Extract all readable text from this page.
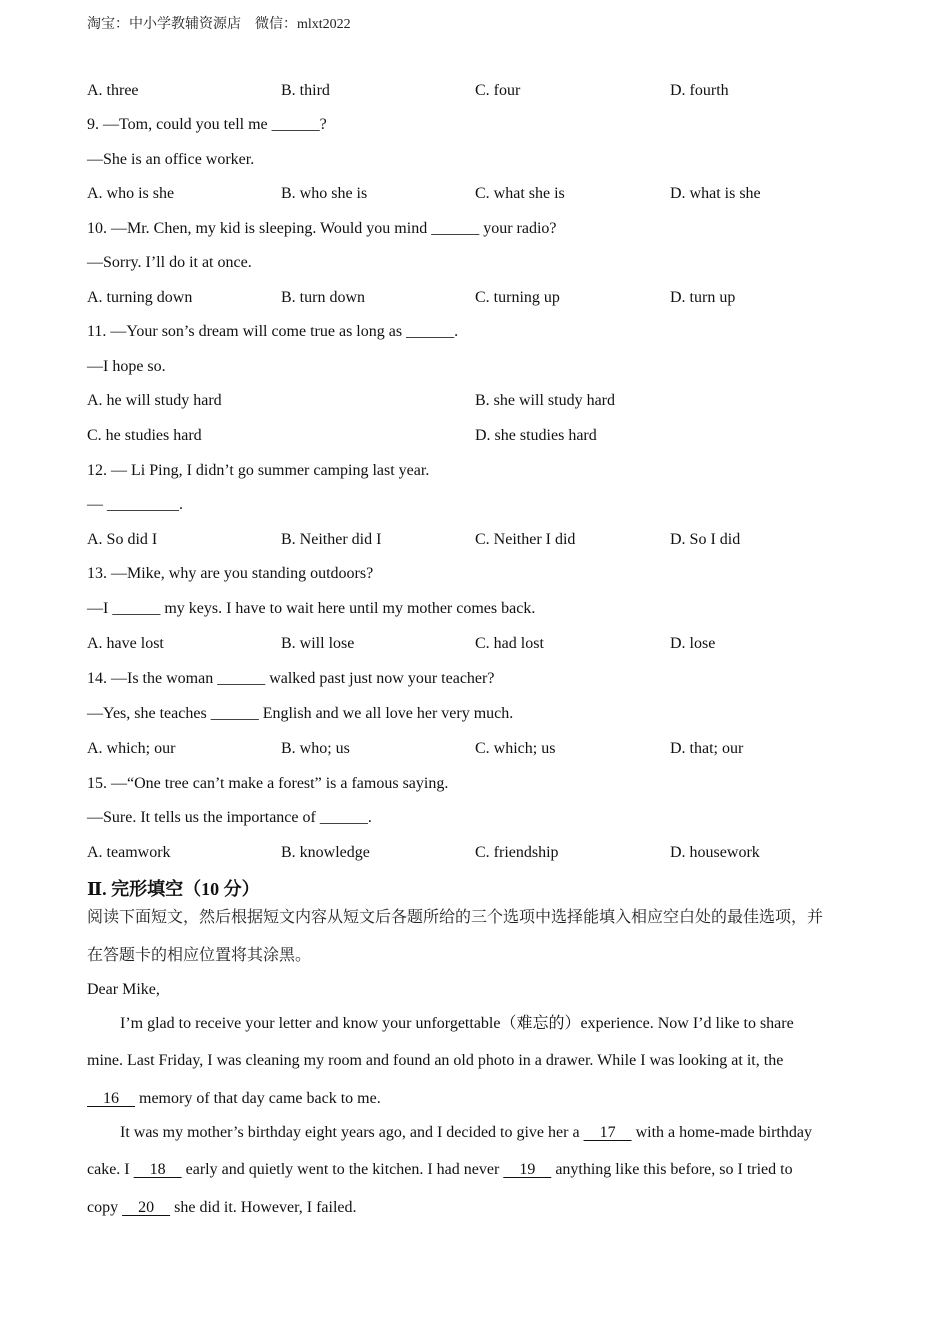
淘宝：中小学教辅资源店    微信：mlxt2022
A. three	B. third	C. four	D. fourth
9. —Tom, could you tell me ______?
—She is an office worker.
A. who is she	B. who she is	C. what she is	D. what is she
10. —Mr. Chen, my kid is sleeping. Would you mind ______ your radio?
—Sorry. I’ll do it at once.
A. turning down	B. turn down	C. turning up	D. turn up
11. —Your son’s dream will come true as long as ______.
—I hope so.
A. he will study hard	B. she will study hard
C. he studies hard	D. she studies hard
12. — Li Ping, I didn’t go summer camping last year.
— _________.
A. So did I	B. Neither did I	C. Neither I did	D. So I did
13. —Mike, why are you standing outdoors?
—I ______ my keys. I have to wait here until my mother comes back.
A. have lost	B. will lose	C. had lost	D. lose
14. —Is the woman ______ walked past just now your teacher?
—Yes, she teaches ______ English and we all love her very much.
A. which; our	B. who; us	C. which; us	D. that; our
15. —“One tree can’t make a forest” is a famous saying.
—Sure. It tells us the importance of ______.
A. teamwork	B. knowledge	C. friendship	D. housework
Ⅱ. 完形填空（10 分）
阅读下面短文，然后根据短文内容从短文后各题所给的三个选项中选择能填入相应空白处的最佳选项，并
在答题卡的相应位置将其涂黑。
Dear Mike,
I’m glad to receive your letter and know your unforgettable（难忘的）experience. Now I’d like to share
mine. Last Friday, I was cleaning my room and found an old photo in a drawer. While I was looking at it, the
16     memory of that day came back to me.
It was my mother’s birthday eight years ago, and I decided to give her a     17     with a home-made birthday
cake. I     18     early and quietly went to the kitchen. I had never     19     anything like this before, so I tried to
copy     20     she did it. However, I failed.
